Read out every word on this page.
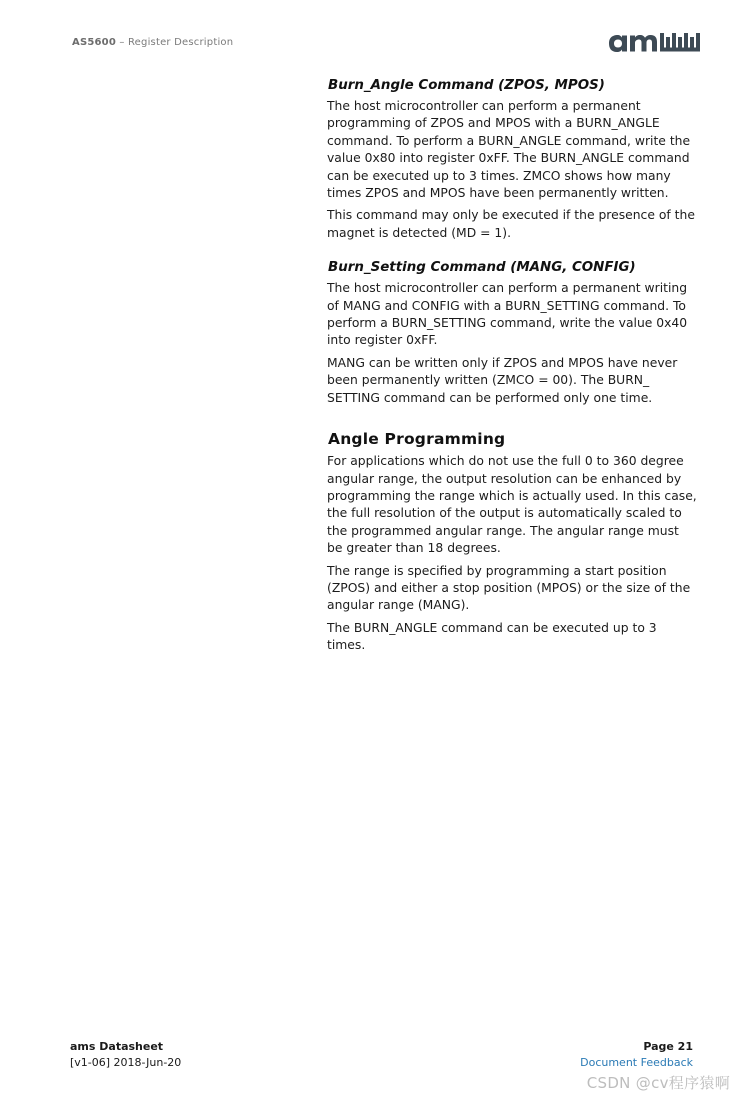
AS5600 – Register Description
Burn_Angle Command (ZPOS, MPOS)

The host microcontroller can perform a permanent programming of ZPOS and MPOS with a BURN_ANGLE command. To perform a BURN_ANGLE command, write the value 0x80 into register 0xFF. The BURN_ANGLE command can be executed up to 3 times. ZMCO shows how many times ZPOS and MPOS have been permanently written.

This command may only be executed if the presence of the magnet is detected (MD = 1).

Burn_Setting Command (MANG, CONFIG)

The host microcontroller can perform a permanent writing of MANG and CONFIG with a BURN_SETTING command. To perform a BURN_SETTING command, write the value 0x40 into register 0xFF.

MANG can be written only if ZPOS and MPOS have never been permanently written (ZMCO = 00). The BURN_ SETTING command can be performed only one time.

Angle Programming

For applications which do not use the full 0 to 360 degree angular range, the output resolution can be enhanced by programming the range which is actually used. In this case, the full resolution of the output is automatically scaled to the programmed angular range. The angular range must be greater than 18 degrees.

The range is specified by programming a start position (ZPOS) and either a stop position (MPOS) or the size of the angular range (MANG).

The BURN_ANGLE command can be executed up to 3 times.

ams Datasheet
[v1-06] 2018-Jun-20
Page 21
Document Feedback
CSDN @cv程序猿啊
